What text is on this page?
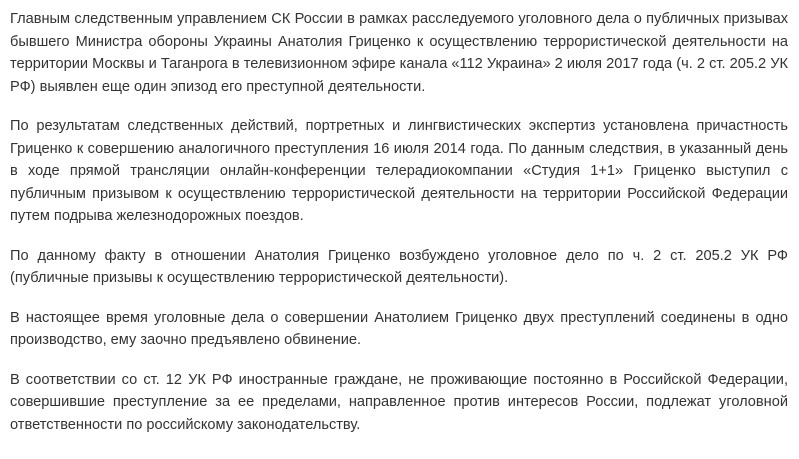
Главным следственным управлением СК России в рамках расследуемого уголовного дела о публичных призывах бывшего Министра обороны Украины Анатолия Гриценко к осуществлению террористической деятельности на территории Москвы и Таганрога в телевизионном эфире канала «112 Украина» 2 июля 2017 года (ч. 2 ст. 205.2 УК РФ) выявлен еще один эпизод его преступной деятельности.

По результатам следственных действий, портретных и лингвистических экспертиз установлена причастность Гриценко к совершению аналогичного преступления 16 июля 2014 года. По данным следствия, в указанный день в ходе прямой трансляции онлайн-конференции телерадиокомпании «Студия 1+1» Гриценко выступил с публичным призывом к осуществлению террористической деятельности на территории Российской Федерации путем подрыва железнодорожных поездов.

По данному факту в отношении Анатолия Гриценко возбуждено уголовное дело по ч. 2 ст. 205.2 УК РФ (публичные призывы к осуществлению террористической деятельности).

В настоящее время уголовные дела о совершении Анатолием Гриценко двух преступлений соединены в одно производство, ему заочно предъявлено обвинение.

В соответствии со ст. 12 УК РФ иностранные граждане, не проживающие постоянно в Российской Федерации, совершившие преступление за ее пределами, направленное против интересов России, подлежат уголовной ответственности по российскому законодательству.
